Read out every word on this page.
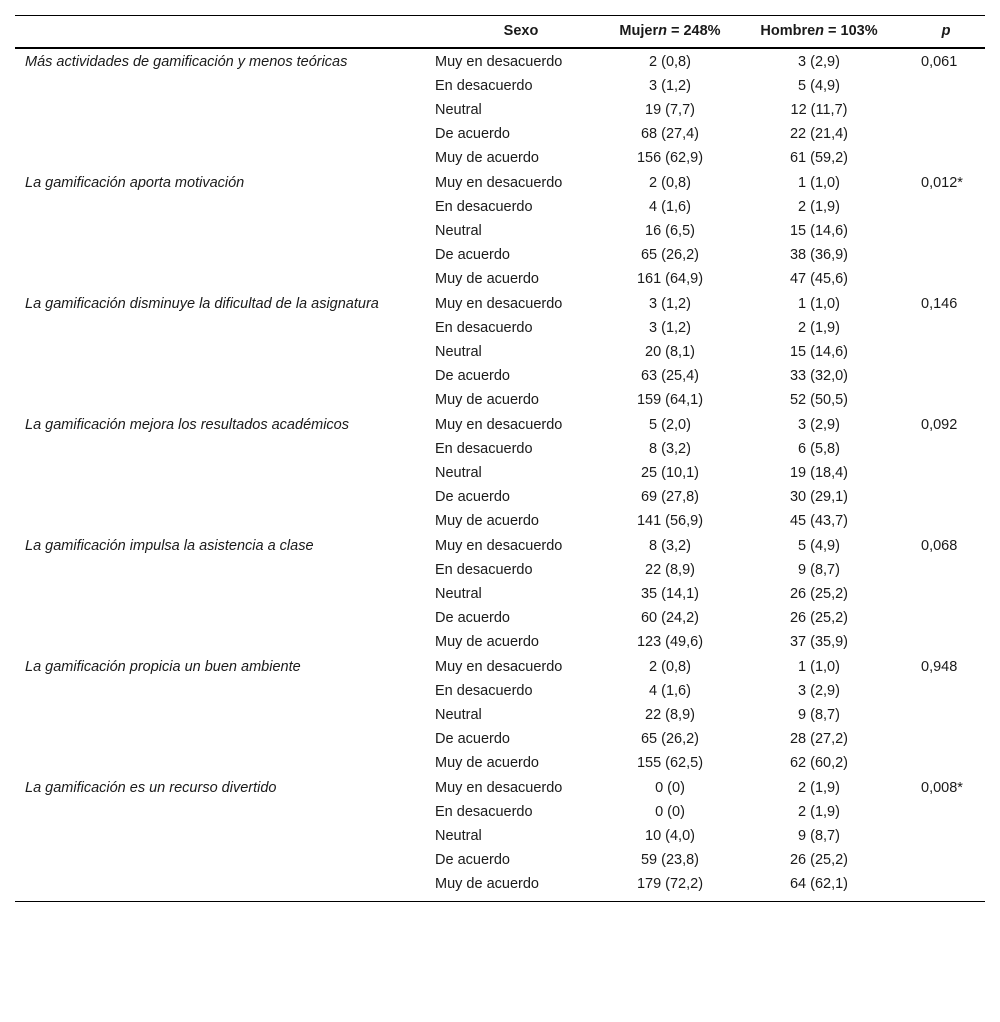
	Sexo	Mujern = 248%	Hombren = 103%	p
Más actividades de gamificación y menos teóricas	Muy en desacuerdo	2 (0,8)	3 (2,9)	0,061
	En desacuerdo	3 (1,2)	5 (4,9)	
	Neutral	19 (7,7)	12 (11,7)	
	De acuerdo	68 (27,4)	22 (21,4)	
	Muy de acuerdo	156 (62,9)	61 (59,2)	
La gamificación aporta motivación	Muy en desacuerdo	2 (0,8)	1 (1,0)	0,012*
	En desacuerdo	4 (1,6)	2 (1,9)	
	Neutral	16 (6,5)	15 (14,6)	
	De acuerdo	65 (26,2)	38 (36,9)	
	Muy de acuerdo	161 (64,9)	47 (45,6)	
La gamificación disminuye la dificultad de la asignatura	Muy en desacuerdo	3 (1,2)	1 (1,0)	0,146
	En desacuerdo	3 (1,2)	2 (1,9)	
	Neutral	20 (8,1)	15 (14,6)	
	De acuerdo	63 (25,4)	33 (32,0)	
	Muy de acuerdo	159 (64,1)	52 (50,5)	
La gamificación mejora los resultados académicos	Muy en desacuerdo	5 (2,0)	3 (2,9)	0,092
	En desacuerdo	8 (3,2)	6 (5,8)	
	Neutral	25 (10,1)	19 (18,4)	
	De acuerdo	69 (27,8)	30 (29,1)	
	Muy de acuerdo	141 (56,9)	45 (43,7)	
La gamificación impulsa la asistencia a clase	Muy en desacuerdo	8 (3,2)	5 (4,9)	0,068
	En desacuerdo	22 (8,9)	9 (8,7)	
	Neutral	35 (14,1)	26 (25,2)	
	De acuerdo	60 (24,2)	26 (25,2)	
	Muy de acuerdo	123 (49,6)	37 (35,9)	
La gamificación propicia un buen ambiente	Muy en desacuerdo	2 (0,8)	1 (1,0)	0,948
	En desacuerdo	4 (1,6)	3 (2,9)	
	Neutral	22 (8,9)	9 (8,7)	
	De acuerdo	65 (26,2)	28 (27,2)	
	Muy de acuerdo	155 (62,5)	62 (60,2)	
La gamificación es un recurso divertido	Muy en desacuerdo	0 (0)	2 (1,9)	0,008*
	En desacuerdo	0 (0)	2 (1,9)	
	Neutral	10 (4,0)	9 (8,7)	
	De acuerdo	59 (23,8)	26 (25,2)	
	Muy de acuerdo	179 (72,2)	64 (62,1)	
